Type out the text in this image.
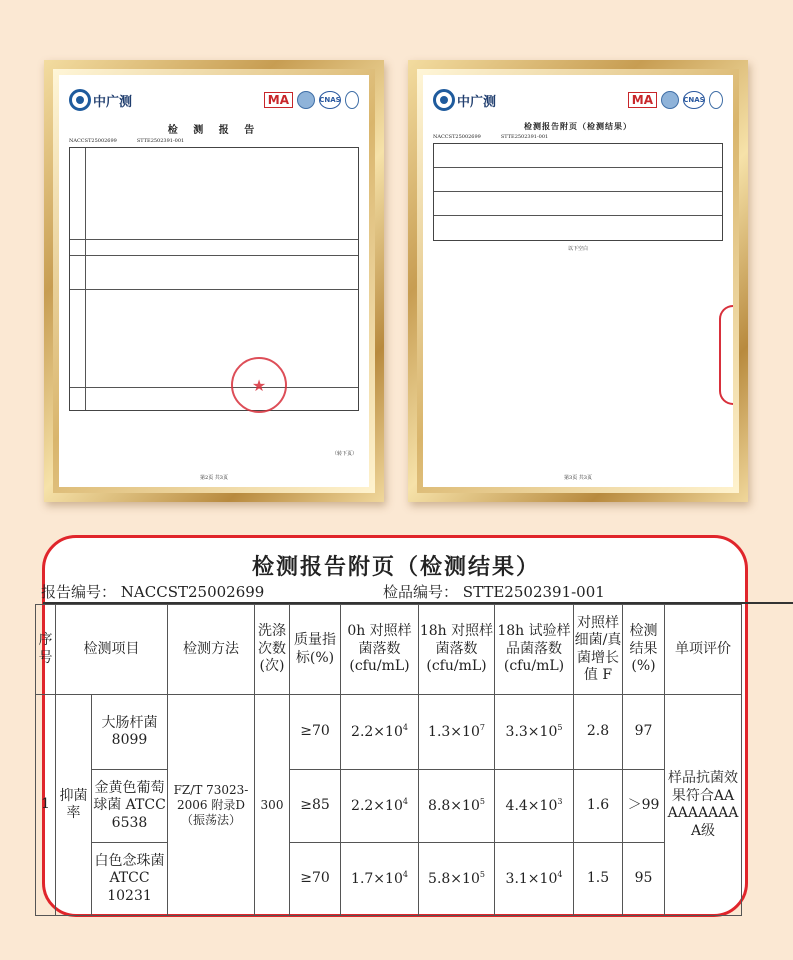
中广测	MA	CNAS
检 测 报 告
NACCST25002699	STTE2502391-001
★
（转下页）
第2页 共3页
中广测	MA	CNAS
检测报告附页（检测结果）
NACCST25002699	STTE2502391-001
以下空白
第3页 共3页
检测报告附页（检测结果）
报告编号： NACCST25002699	检品编号： STTE2502391-001
序号	检测项目		检测方法	洗涤次数(次)	质量指标(%)	0h 对照样菌落数 (cfu/mL)	18h 对照样菌落数 (cfu/mL)	18h 试验样品菌落数 (cfu/mL)	对照样细菌/真菌增长值 F	检测结果(%)	单项评价
1	抑菌率	大肠杆菌 8099	FZ/T 73023-2006 附录D（振荡法）	300	≥70	$2.2\times 10^4$	$1.3\times 10^7$	$3.3\times 10^5$	2.8	97	样品抗菌效果符合AAAAAAAAAA级
		金黄色葡萄球菌 ATCC 6538			≥85	$2.2\times 10^4$	$8.8\times 10^5$	$4.4\times 10^3$	1.6	＞99	
		白色念珠菌 ATCC 10231			≥70	$1.7\times 10^4$	$5.8\times 10^5$	$3.1\times 10^4$	1.5	95	
